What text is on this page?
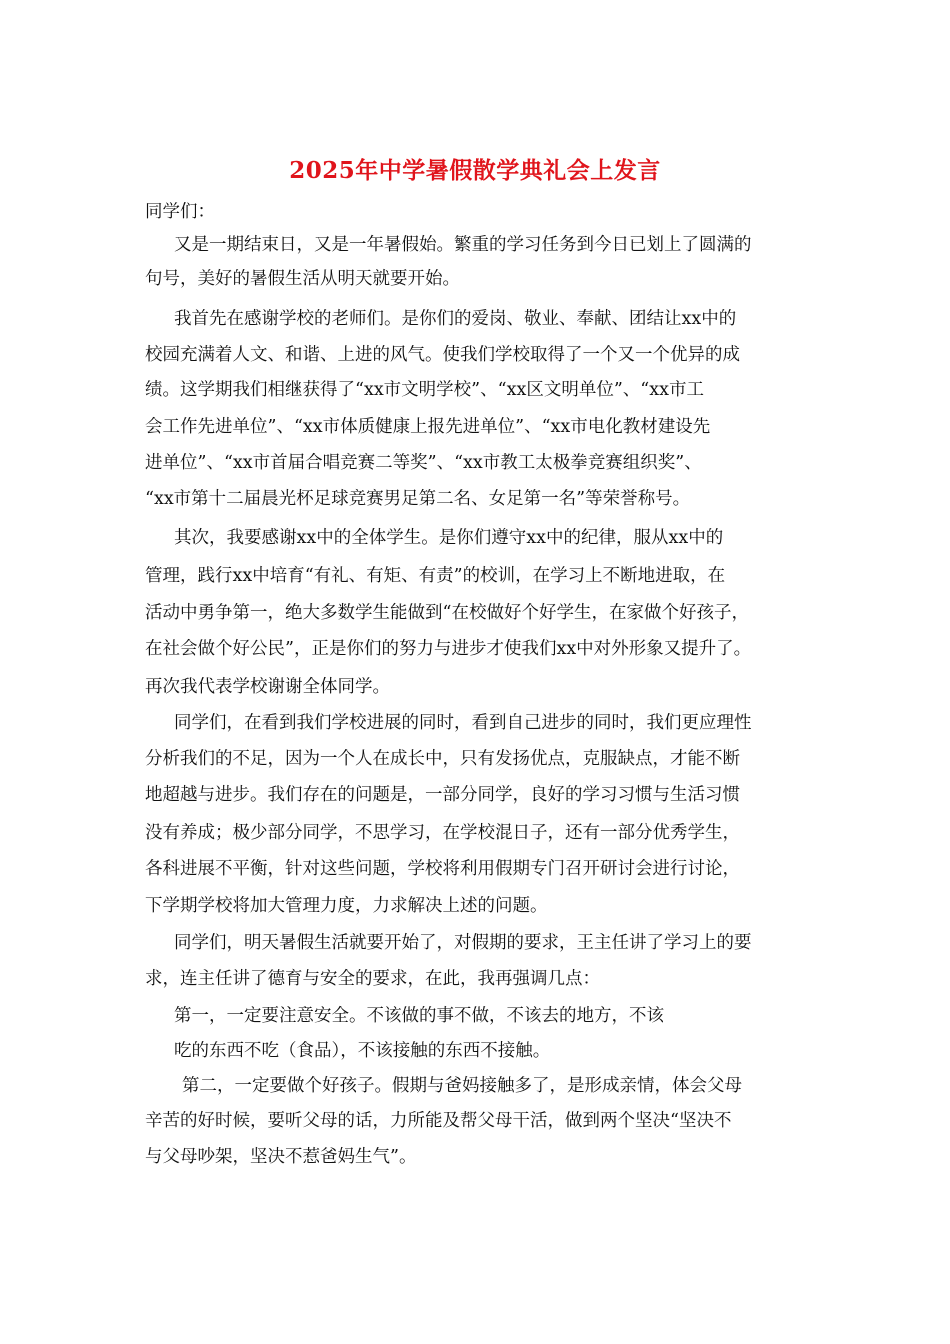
2025年中学暑假散学典礼会上发言
同学们：
又是一期结束日，又是一年暑假始。繁重的学习任务到今日已划上了圆满的
句号，美好的暑假生活从明天就要开始。
我首先在感谢学校的老师们。是你们的爱岗、敬业、奉献、团结让xx中的
校园充满着人文、和谐、上进的风气。使我们学校取得了一个又一个优异的成
绩。这学期我们相继获得了“xx市文明学校”、“xx区文明单位”、“xx市工
会工作先进单位”、“xx市体质健康上报先进单位”、“xx市电化教材建设先
进单位”、“xx市首届合唱竞赛二等奖”、“xx市教工太极拳竞赛组织奖”、
“xx市第十二届晨光杯足球竞赛男足第二名、女足第一名”等荣誉称号。
其次，我要感谢xx中的全体学生。是你们遵守xx中的纪律，服从xx中的
管理，践行xx中培育“有礼、有矩、有责”的校训，在学习上不断地进取，在
活动中勇争第一，绝大多数学生能做到“在校做好个好学生，在家做个好孩子，
在社会做个好公民”，正是你们的努力与进步才使我们xx中对外形象又提升了。
再次我代表学校谢谢全体同学。
同学们，在看到我们学校进展的同时，看到自己进步的同时，我们更应理性
分析我们的不足，因为一个人在成长中，只有发扬优点，克服缺点，才能不断
地超越与进步。我们存在的问题是，一部分同学，良好的学习习惯与生活习惯
没有养成；极少部分同学，不思学习，在学校混日子，还有一部分优秀学生，
各科进展不平衡，针对这些问题，学校将利用假期专门召开研讨会进行讨论，
下学期学校将加大管理力度，力求解决上述的问题。
同学们，明天暑假生活就要开始了，对假期的要求，王主任讲了学习上的要
求，连主任讲了德育与安全的要求，在此，我再强调几点：
第一，一定要注意安全。不该做的事不做，不该去的地方，不该
吃的东西不吃（食品），不该接触的东西不接触。
第二，一定要做个好孩子。假期与爸妈接触多了，是形成亲情，体会父母
辛苦的好时候，要听父母的话，力所能及帮父母干活，做到两个坚决“坚决不
与父母吵架，坚决不惹爸妈生气”。
